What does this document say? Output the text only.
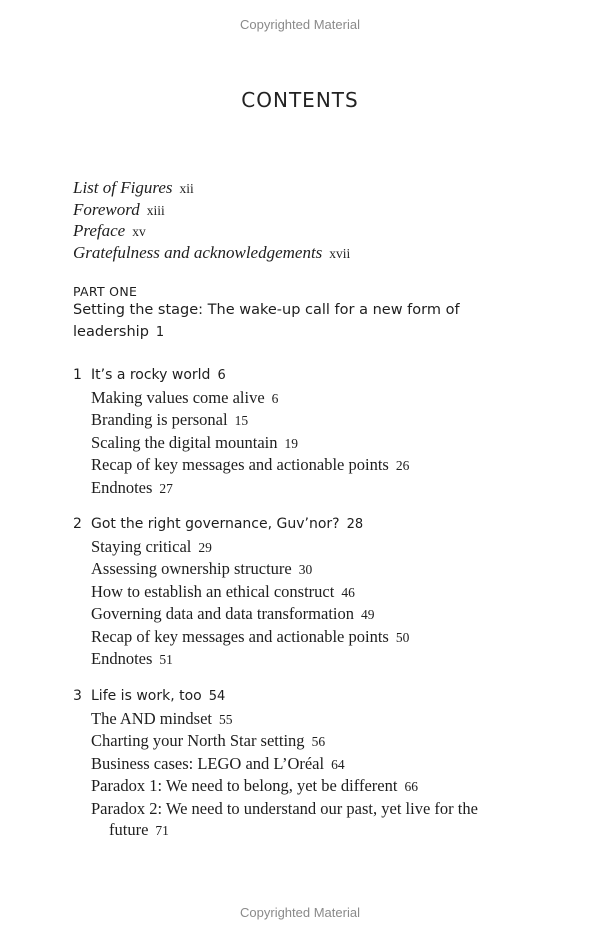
Copyrighted Material
CONTENTS
List of Figures xii
Foreword xiii
Preface xv
Gratefulness and acknowledgements xvii
PART ONE
Setting the stage: The wake-up call for a new form of leadership 1
1 It’s a rocky world 6
Making values come alive 6
Branding is personal 15
Scaling the digital mountain 19
Recap of key messages and actionable points 26
Endnotes 27
2 Got the right governance, Guv’nor? 28
Staying critical 29
Assessing ownership structure 30
How to establish an ethical construct 46
Governing data and data transformation 49
Recap of key messages and actionable points 50
Endnotes 51
3 Life is work, too 54
The AND mindset 55
Charting your North Star setting 56
Business cases: LEGO and L’Oréal 64
Paradox 1: We need to belong, yet be different 66
Paradox 2: We need to understand our past, yet live for the
future 71
Copyrighted Material
